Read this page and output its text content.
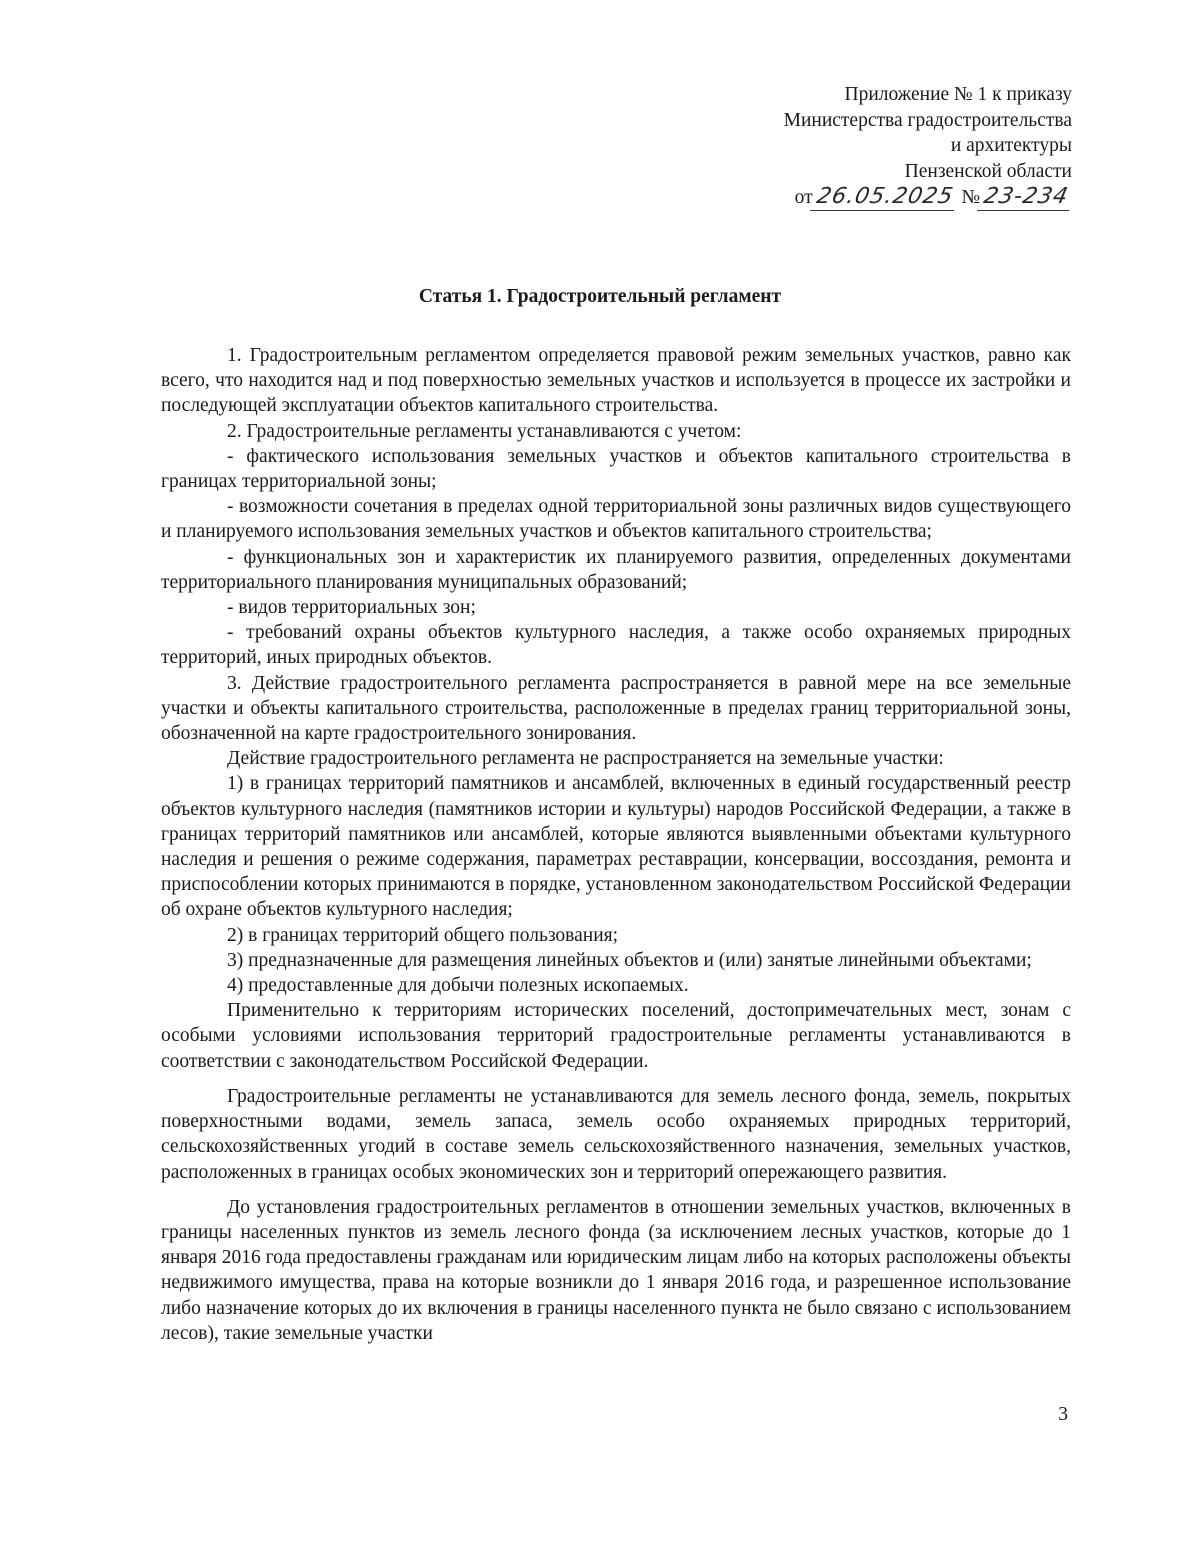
Приложение № 1 к приказу
Министерства градостроительства
и архитектуры
Пензенской области
от26.05.2025 №23-234
Статья 1. Градостроительный регламент

1. Градостроительным регламентом определяется правовой режим земельных участков, равно как всего, что находится над и под поверхностью земельных участков и используется в процессе их застройки и последующей эксплуатации объектов капитального строительства.

2. Градостроительные регламенты устанавливаются с учетом:

- фактического использования земельных участков и объектов капитального строительства в границах территориальной зоны;

- возможности сочетания в пределах одной территориальной зоны различных видов существующего и планируемого использования земельных участков и объектов капитального строительства;

- функциональных зон и характеристик их планируемого развития, определенных документами территориального планирования муниципальных образований;

- видов территориальных зон;

- требований охраны объектов культурного наследия, а также особо охраняемых природных территорий, иных природных объектов.

3. Действие градостроительного регламента распространяется в равной мере на все земельные участки и объекты капитального строительства, расположенные в пределах границ территориальной зоны, обозначенной на карте градостроительного зонирования.

Действие градостроительного регламента не распространяется на земельные участки:

1) в границах территорий памятников и ансамблей, включенных в единый государственный реестр объектов культурного наследия (памятников истории и культуры) народов Российской Федерации, а также в границах территорий памятников или ансамблей, которые являются выявленными объектами культурного наследия и решения о режиме содержания, параметрах реставрации, консервации, воссоздания, ремонта и приспособлении которых принимаются в порядке, установленном законодательством Российской Федерации об охране объектов культурного наследия;

2) в границах территорий общего пользования;

3) предназначенные для размещения линейных объектов и (или) занятые линейными объектами;

4) предоставленные для добычи полезных ископаемых.

Применительно к территориям исторических поселений, достопримечательных мест, зонам с особыми условиями использования территорий градостроительные регламенты устанавливаются в соответствии с законодательством Российской Федерации.

Градостроительные регламенты не устанавливаются для земель лесного фонда, земель, покрытых поверхностными водами, земель запаса, земель особо охраняемых природных территорий, сельскохозяйственных угодий в составе земель сельскохозяйственного назначения, земельных участков, расположенных в границах особых экономических зон и территорий опережающего развития.

До установления градостроительных регламентов в отношении земельных участков, включенных в границы населенных пунктов из земель лесного фонда (за исключением лесных участков, которые до 1 января 2016 года предоставлены гражданам или юридическим лицам либо на которых расположены объекты недвижимого имущества, права на которые возникли до 1 января 2016 года, и разрешенное использование либо назначение которых до их включения в границы населенного пункта не было связано с использованием лесов), такие земельные участки

3
